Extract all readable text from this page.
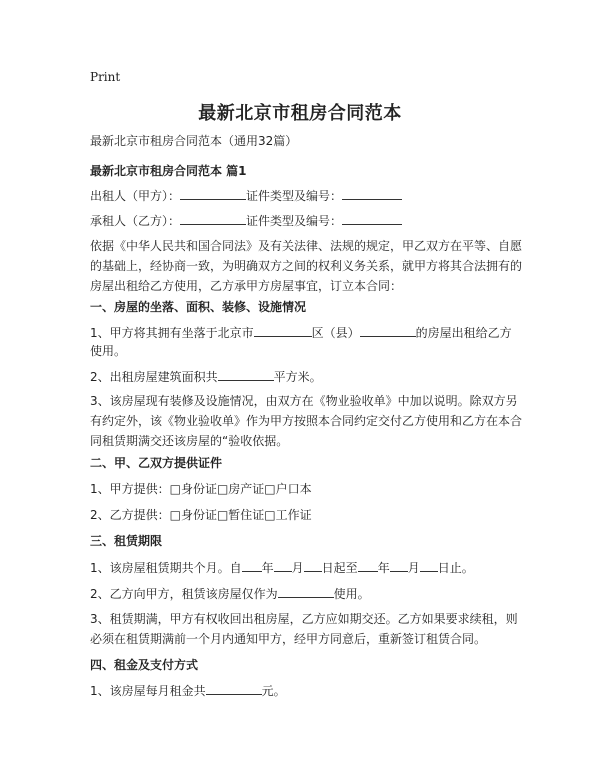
Print
最新北京市租房合同范本
最新北京市租房合同范本（通用32篇）
最新北京市租房合同范本 篇1
出租人（甲方）：	证件类型及编号：
承租人（乙方）：	证件类型及编号：
依据《中华人民共和国合同法》及有关法律、法规的规定，甲乙双方在平等、自愿
的基础上，经协商一致，为明确双方之间的权利义务关系，就甲方将其合法拥有的
房屋出租给乙方使用，乙方承甲方房屋事宜，订立本合同：
一、房屋的坐落、面积、装修、设施情况
1、甲方将其拥有坐落于北京市	区（县）	的房屋出租给乙方
使用。
2、出租房屋建筑面积共	平方米。
3、该房屋现有装修及设施情况，由双方在《物业验收单》中加以说明。除双方另
有约定外，该《物业验收单》作为甲方按照本合同约定交付乙方使用和乙方在本合
同租赁期满交还该房屋的“验收依据。
二、甲、乙双方提供证件
1、甲方提供：□身份证□房产证□户口本
2、乙方提供：□身份证□暂住证□工作证
三、租赁期限
1、该房屋租赁期共个月。自 年 月 日起至 年 月 日止。
2、乙方向甲方，租赁该房屋仅作为	使用。
3、租赁期满，甲方有权收回出租房屋，乙方应如期交还。乙方如果要求续租，则
必须在租赁期满前一个月内通知甲方，经甲方同意后，重新签订租赁合同。
四、租金及支付方式
1、该房屋每月租金共	元。
